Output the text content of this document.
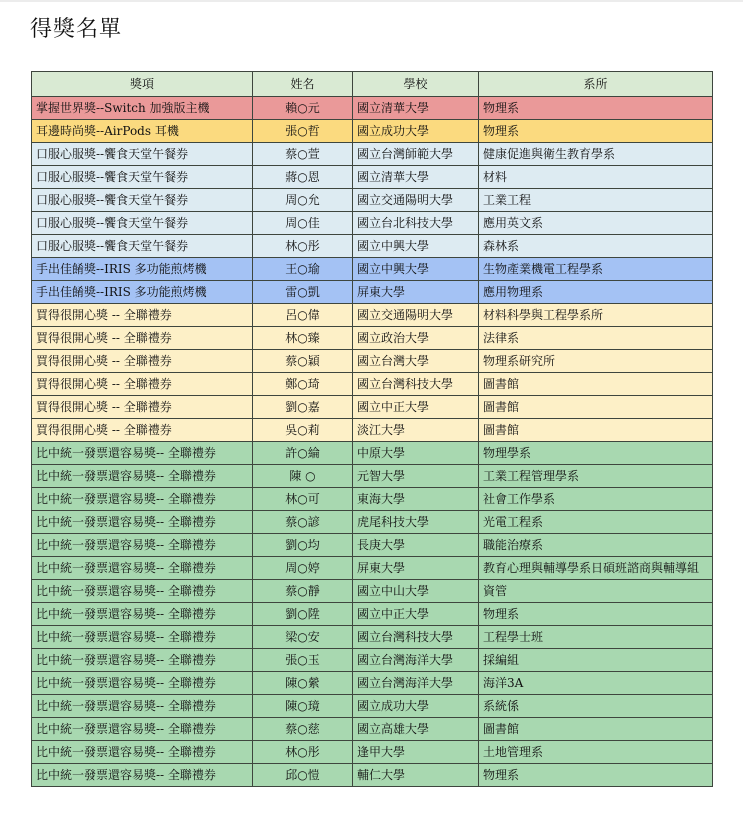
得獎名單
獎項	姓名	學校	系所
掌握世界獎--Switch 加強版主機	賴○元	國立清華大學	物理系
耳邊時尚獎--AirPods 耳機	張○哲	國立成功大學	物理系
口服心服獎--饗食天堂午餐券	蔡○萱	國立台灣師範大學	健康促進與衛生教育學系
口服心服獎--饗食天堂午餐券	蔣○恩	國立清華大學	材料
口服心服獎--饗食天堂午餐券	周○允	國立交通陽明大學	工業工程
口服心服獎--饗食天堂午餐券	周○佳	國立台北科技大學	應用英文系
口服心服獎--饗食天堂午餐券	林○彤	國立中興大學	森林系
手出佳餚獎--IRIS 多功能煎烤機	王○瑜	國立中興大學	生物產業機電工程學系
手出佳餚獎--IRIS 多功能煎烤機	雷○凱	屏東大學	應用物理系
買得很開心獎 -- 全聯禮券	呂○偉	國立交通陽明大學	材料科學與工程學系所
買得很開心獎 -- 全聯禮券	林○臻	國立政治大學	法律系
買得很開心獎 -- 全聯禮券	蔡○穎	國立台灣大學	物理系研究所
買得很開心獎 -- 全聯禮券	鄭○琦	國立台灣科技大學	圖書館
買得很開心獎 -- 全聯禮券	劉○嘉	國立中正大學	圖書館
買得很開心獎 -- 全聯禮券	吳○莉	淡江大學	圖書館
比中統一發票還容易獎-- 全聯禮券	許○綸	中原大學	物理學系
比中統一發票還容易獎-- 全聯禮券	陳 ○	元智大學	工業工程管理學系
比中統一發票還容易獎-- 全聯禮券	林○可	東海大學	社會工作學系
比中統一發票還容易獎-- 全聯禮券	蔡○諺	虎尾科技大學	光電工程系
比中統一發票還容易獎-- 全聯禮券	劉○均	長庚大學	職能治療系
比中統一發票還容易獎-- 全聯禮券	周○婷	屏東大學	教育心理與輔導學系日碩班諮商與輔導組
比中統一發票還容易獎-- 全聯禮券	蔡○靜	國立中山大學	資管
比中統一發票還容易獎-- 全聯禮券	劉○陞	國立中正大學	物理系
比中統一發票還容易獎-- 全聯禮券	梁○安	國立台灣科技大學	工程學士班
比中統一發票還容易獎-- 全聯禮券	張○玉	國立台灣海洋大學	採編組
比中統一發票還容易獎-- 全聯禮券	陳○縈	國立台灣海洋大學	海洋3A
比中統一發票還容易獎-- 全聯禮券	陳○璄	國立成功大學	系統係
比中統一發票還容易獎-- 全聯禮券	蔡○慈	國立高雄大學	圖書館
比中統一發票還容易獎-- 全聯禮券	林○彤	逢甲大學	土地管理系
比中統一發票還容易獎-- 全聯禮券	邱○愷	輔仁大學	物理系
